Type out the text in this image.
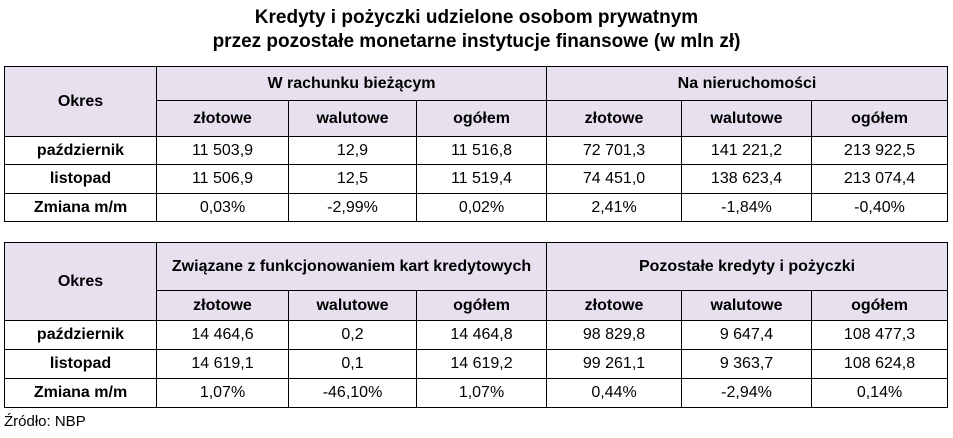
Kredyty i pożyczki udzielone osobom prywatnym
przez pozostałe monetarne instytucje finansowe (w mln zł)
Okres	W rachunku bieżącym			Na nieruchomości		
	złotowe	walutowe	ogółem	złotowe	walutowe	ogółem
październik	11 503,9	12,9	11 516,8	72 701,3	141 221,2	213 922,5
listopad	11 506,9	12,5	11 519,4	74 451,0	138 623,4	213 074,4
Zmiana m/m	0,03%	-2,99%	0,02%	2,41%	-1,84%	-0,40%
Okres	Związane z funkcjonowaniem kart kredytowych			Pozostałe kredyty i pożyczki		
	złotowe	walutowe	ogółem	złotowe	walutowe	ogółem
październik	14 464,6	0,2	14 464,8	98 829,8	9 647,4	108 477,3
listopad	14 619,1	0,1	14 619,2	99 261,1	9 363,7	108 624,8
Zmiana m/m	1,07%	-46,10%	1,07%	0,44%	-2,94%	0,14%
Źródło: NBP
